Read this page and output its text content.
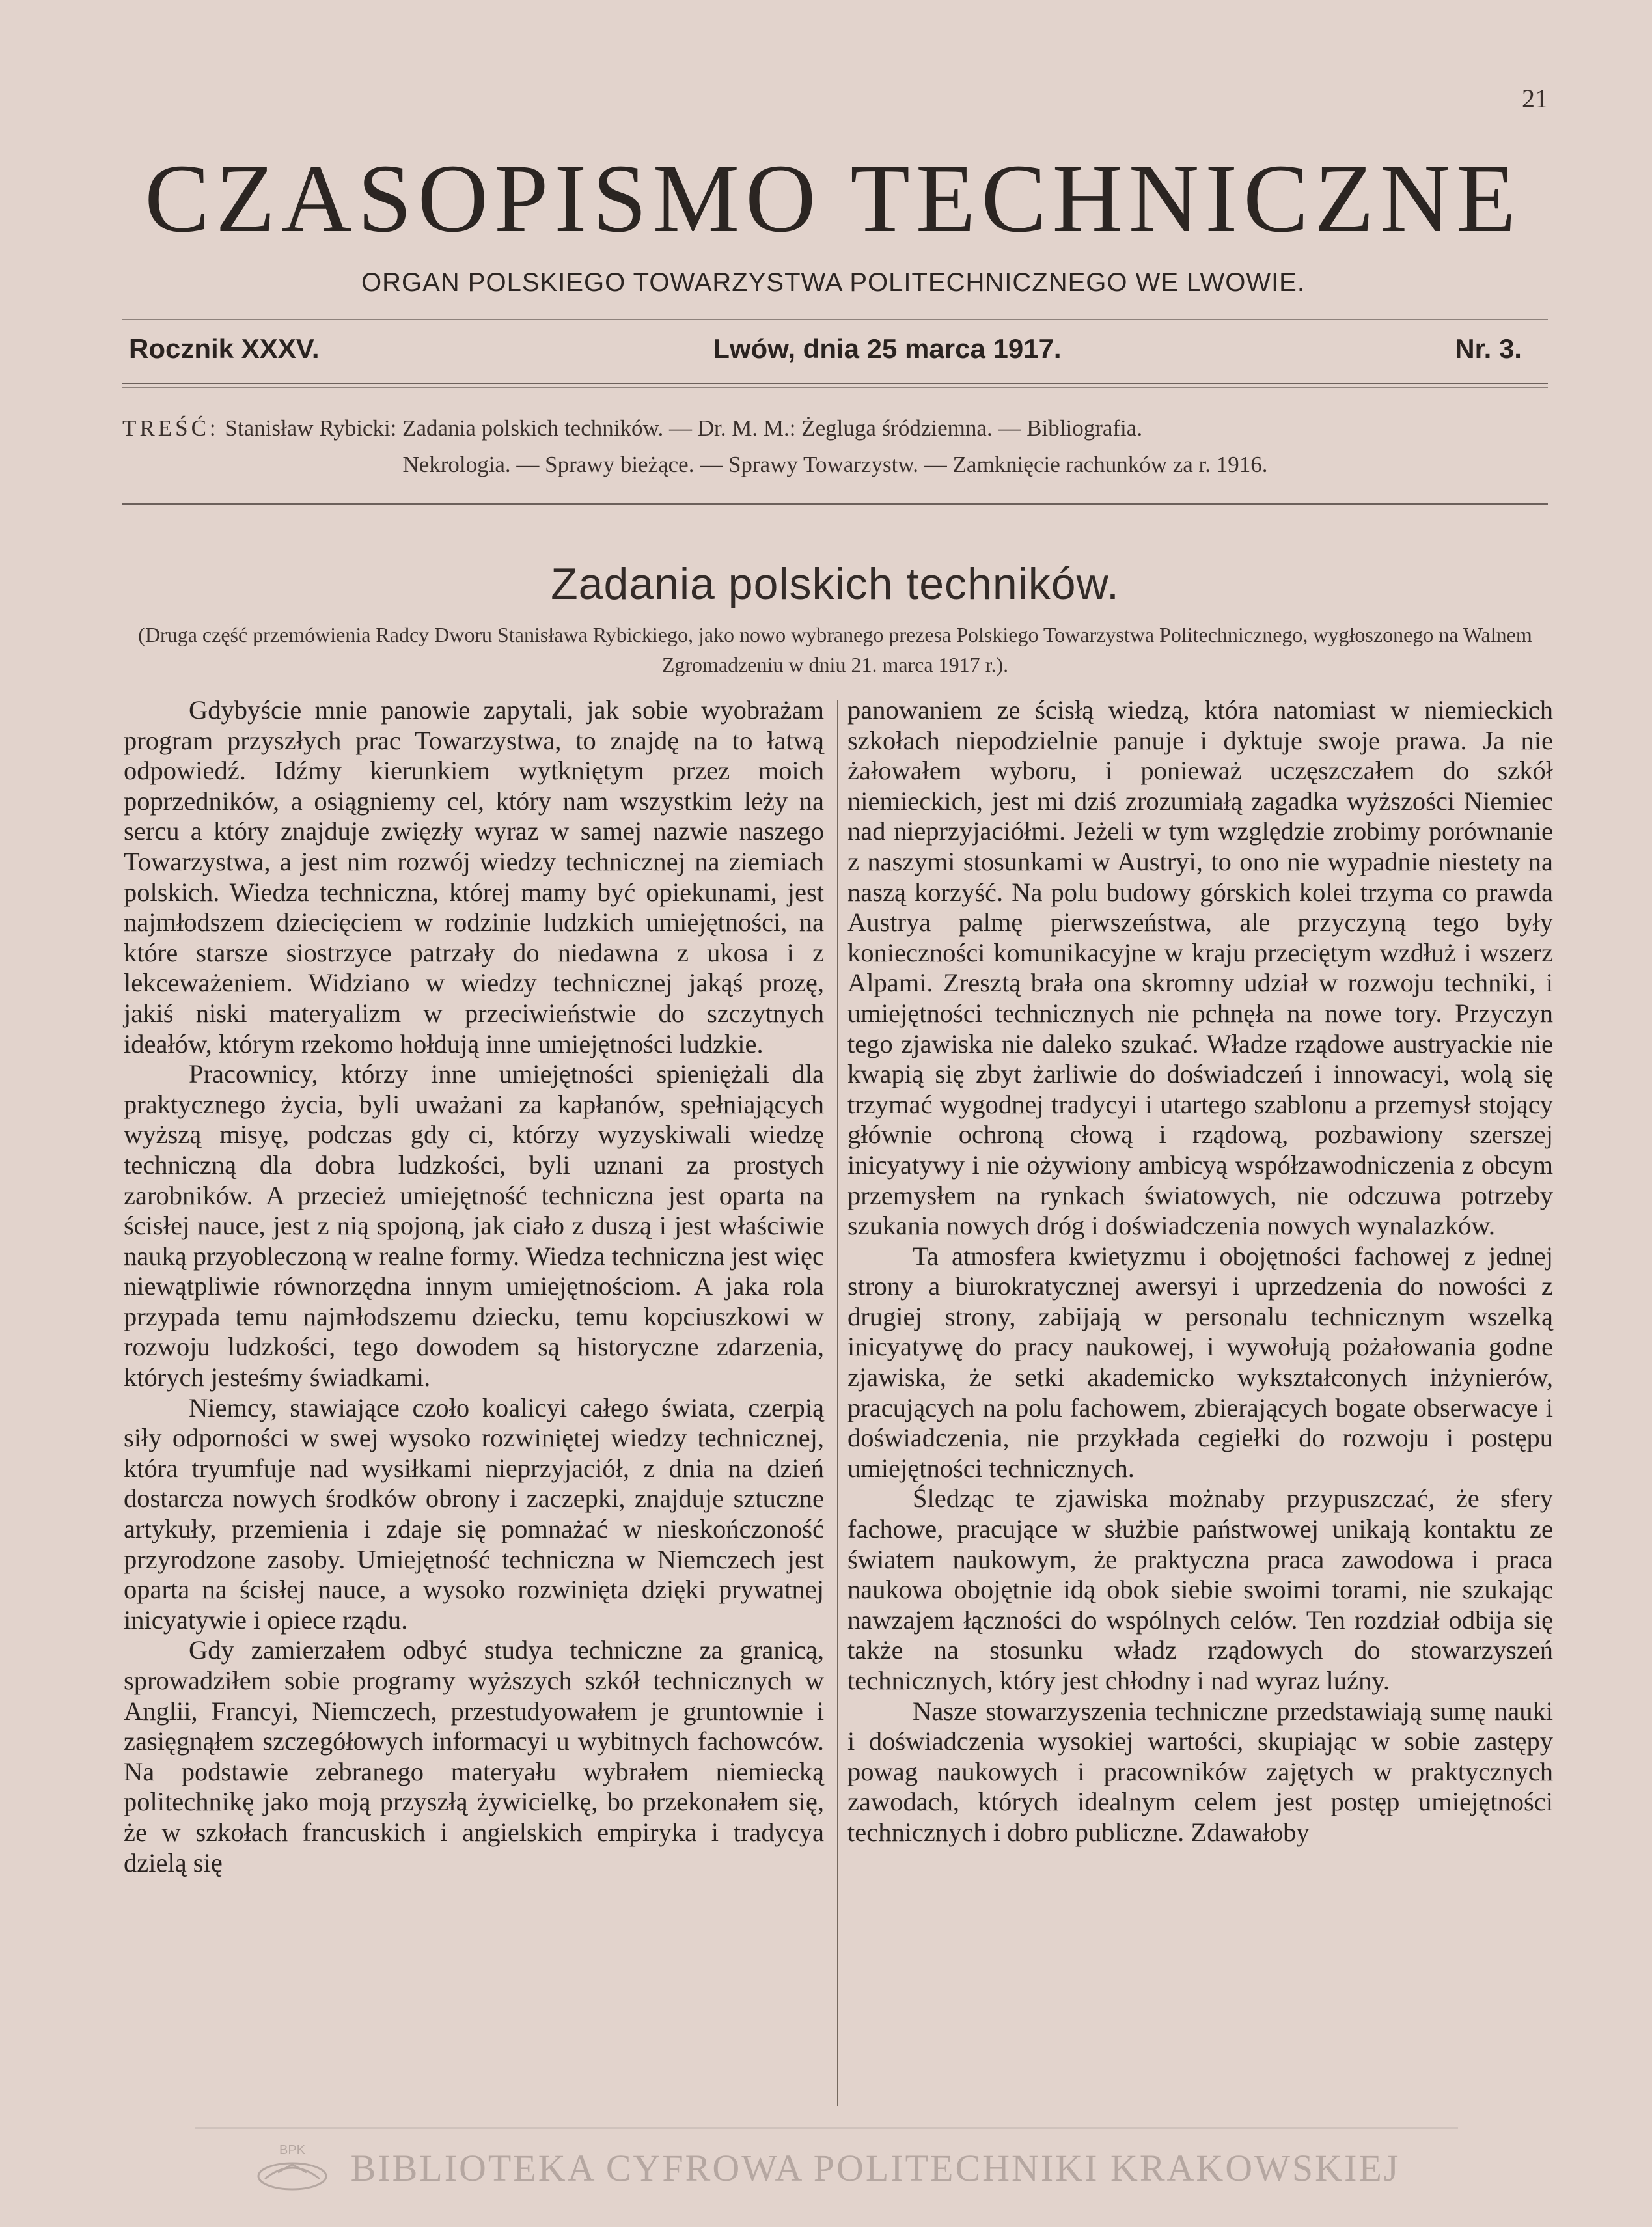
21
CZASOPISMO TECHNICZNE
ORGAN POLSKIEGO TOWARZYSTWA POLITECHNICZNEGO WE LWOWIE.
Rocznik XXXV.	Lwów, dnia 25 marca 1917.	Nr. 3.
TREŚĆ: Stanisław Rybicki: Zadania polskich techników. — Dr. M. M.: Żegluga śródziemna. — Bibliografia.
Nekrologia. — Sprawy bieżące. — Sprawy Towarzystw. — Zamknięcie rachunków za r. 1916.
Zadania polskich techników.
(Druga część przemówienia Radcy Dworu Stanisława Rybickiego, jako nowo wybranego prezesa Polskiego Towarzystwa Politechnicznego, wygłoszonego na Walnem Zgromadzeniu w dniu 21. marca 1917 r.).

Gdybyście mnie panowie zapytali, jak sobie wyobrażam program przyszłych prac Towarzystwa, to znajdę na to łatwą odpowiedź. Idźmy kierunkiem wytkniętym przez moich poprzedników, a osiągniemy cel, który nam wszystkim leży na sercu a który znajduje zwięzły wyraz w samej nazwie naszego Towarzystwa, a jest nim rozwój wiedzy technicznej na ziemiach polskich. Wiedza techniczna, której mamy być opiekunami, jest najmłodszem dziecięciem w rodzinie ludzkich umiejętności, na które starsze siostrzyce patrzały do niedawna z ukosa i z lekceważeniem. Widziano w wiedzy technicznej jakąś prozę, jakiś niski materyalizm w przeciwieństwie do szczytnych ideałów, którym rzekomo hołdują inne umiejętności ludzkie.

Pracownicy, którzy inne umiejętności spieniężali dla praktycznego życia, byli uważani za kapłanów, spełniających wyższą misyę, podczas gdy ci, którzy wyzyskiwali wiedzę techniczną dla dobra ludzkości, byli uznani za prostych zarobników. A przecież umiejętność techniczna jest oparta na ścisłej nauce, jest z nią spojoną, jak ciało z duszą i jest właściwie nauką przyobleczoną w realne formy. Wiedza techniczna jest więc niewątpliwie równorzędna innym umiejętnościom. A jaka rola przypada temu najmłodszemu dziecku, temu kopciuszkowi w rozwoju ludzkości, tego dowodem są historyczne zdarzenia, których jesteśmy świadkami.

Niemcy, stawiające czoło koalicyi całego świata, czerpią siły odporności w swej wysoko rozwiniętej wiedzy technicznej, która tryumfuje nad wysiłkami nieprzyjaciół, z dnia na dzień dostarcza nowych środków obrony i zaczepki, znajduje sztuczne artykuły, przemienia i zdaje się pomnażać w nieskończoność przyrodzone zasoby. Umiejętność techniczna w Niemczech jest oparta na ścisłej nauce, a wysoko rozwinięta dzięki prywatnej inicyatywie i opiece rządu.

Gdy zamierzałem odbyć studya techniczne za granicą, sprowadziłem sobie programy wyższych szkół technicznych w Anglii, Francyi, Niemczech, przestudyowałem je gruntownie i zasięgnąłem szczegółowych informacyi u wybitnych fachowców. Na podstawie zebranego materyału wybrałem niemiecką politechnikę jako moją przyszłą żywicielkę, bo przekonałem się, że w szkołach francuskich i angielskich empiryka i tradycya dzielą się

panowaniem ze ścisłą wiedzą, która natomiast w niemieckich szkołach niepodzielnie panuje i dyktuje swoje prawa. Ja nie żałowałem wyboru, i ponieważ uczęszczałem do szkół niemieckich, jest mi dziś zrozumiałą zagadka wyższości Niemiec nad nieprzyjaciółmi. Jeżeli w tym względzie zrobimy porównanie z naszymi stosunkami w Austryi, to ono nie wypadnie niestety na naszą korzyść. Na polu budowy górskich kolei trzyma co prawda Austrya palmę pierwszeństwa, ale przyczyną tego były konieczności komunikacyjne w kraju przeciętym wzdłuż i wszerz Alpami. Zresztą brała ona skromny udział w rozwoju techniki, i umiejętności technicznych nie pchnęła na nowe tory. Przyczyn tego zjawiska nie daleko szukać. Władze rządowe austryackie nie kwapią się zbyt żarliwie do doświadczeń i innowacyi, wolą się trzymać wygodnej tradycyi i utartego szablonu a przemysł stojący głównie ochroną cłową i rządową, pozbawiony szerszej inicyatywy i nie ożywiony ambicyą współzawodniczenia z obcym przemysłem na rynkach światowych, nie odczuwa potrzeby szukania nowych dróg i doświadczenia nowych wynalazków.

Ta atmosfera kwietyzmu i obojętności fachowej z jednej strony a biurokratycznej awersyi i uprzedzenia do nowości z drugiej strony, zabijają w personalu technicznym wszelką inicyatywę do pracy naukowej, i wywołują pożałowania godne zjawiska, że setki akademicko wykształconych inżynierów, pracujących na polu fachowem, zbierających bogate obserwacye i doświadczenia, nie przykłada cegiełki do rozwoju i postępu umiejętności technicznych.

Śledząc te zjawiska możnaby przypuszczać, że sfery fachowe, pracujące w służbie państwowej unikają kontaktu ze światem naukowym, że praktyczna praca zawodowa i praca naukowa obojętnie idą obok siebie swoimi torami, nie szukając nawzajem łączności do wspólnych celów. Ten rozdział odbija się także na stosunku władz rządowych do stowarzyszeń technicznych, który jest chłodny i nad wyraz luźny.

Nasze stowarzyszenia techniczne przedstawiają sumę nauki i doświadczenia wysokiej wartości, skupiając w sobie zastępy powag naukowych i pracowników zajętych w praktycznych zawodach, których idealnym celem jest postęp umiejętności technicznych i dobro publiczne. Zdawałoby

BPK BIBLIOTEKA CYFROWA POLITECHNIKI KRAKOWSKIEJ
